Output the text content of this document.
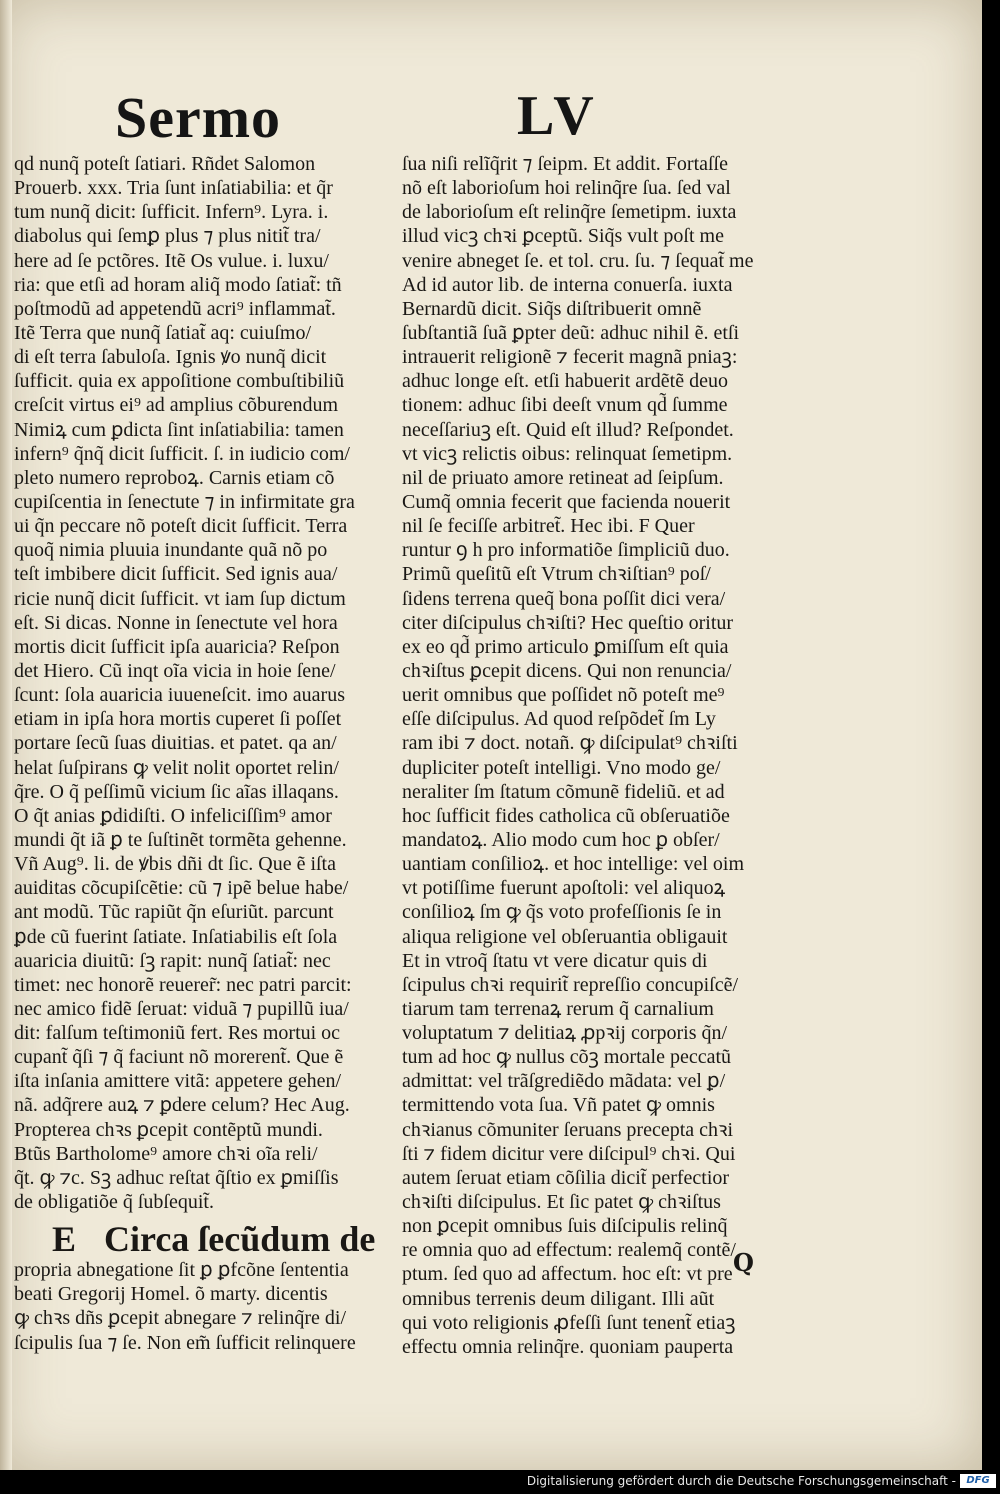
Sermo	LV
qd nunq̃ poteſt ſatiari. Rñdet Salomon
Prouerb. xxx. Tria ſunt inſatiabilia: et q̃r
tum nunq̃ dicit: ſufficit. Infern⁹. Lyra. i.
diabolus qui ſemꝑ plus ⁊ plus nitit̃ tra/
here ad ſe pctõres. Itẽ Os vulue. i. luxu/
ria: que etſi ad horam aliq̃ modo ſatiat̃: tñ
poſtmodũ ad appetendũ acri⁹ inflammat̃.
Itẽ Terra que nunq̃ ſatiat̃ aq: cuiuſmo/
di eſt terra ſabuloſa. Ignis ꝟo nunq̃ dicit
ſufficit. quia ex appoſitione combuſtibiliũ
creſcit virtus ei⁹ ad amplius cõburendum
Nimiꝝ cum ꝑdicta ſint inſatiabilia: tamen
infern⁹ q̃nq̃ dicit ſufficit. ſ. in iudicio com/
pleto numero reproboꝝ. Carnis etiam cõ
cupiſcentia in ſenectute ⁊ in infirmitate gra
ui q̃n peccare nõ poteſt dicit ſufficit. Terra
quoq̃ nimia pluuia inundante quã nõ po
teſt imbibere dicit ſufficit. Sed ignis aua/
ricie nunq̃ dicit ſufficit. vt iam ſup dictum
eſt. Si dicas. Nonne in ſenectute vel hora
mortis dicit ſufficit ipſa auaricia? Reſpon
det Hiero. Cũ inqt oĩa vicia in hoie ſene/
ſcunt: ſola auaricia iuueneſcit. imo auarus
etiam in ipſa hora mortis cuperet ſi poſſet
portare ſecũ ſuas diuitias. et patet. qa an/
helat ſuſpirans ꝙ velit nolit oportet relin/
q̃re. O q̃ peſſimũ vicium ſic aĩas illaqans.
O q̃t anias ꝑdidiſti. O infeliciſſim⁹ amor
mundi q̃t iã ꝑ te ſuſtinẽt tormẽta gehenne.
Vñ Aug⁹. li. de ꝟbis dñi dt ſic. Que ẽ iſta
auiditas cõcupiſcẽtie: cũ ⁊ ipẽ belue habe/
ant modũ. Tũc rapiũt q̃n eſuriũt. parcunt
ꝑde cũ fuerint ſatiate. Inſatiabilis eſt ſola
auaricia diuitũ: ſꝫ rapit: nunq̃ ſatiat̃: nec
timet: nec honorẽ reuerer̃: nec patri parcit:
nec amico fidẽ ſeruat: viduã ⁊ pupillũ iua/
dit: falſum teſtimoniũ fert. Res mortui oc
cupant̃ q̃ſi ⁊ q̃ faciunt nõ morerent̃. Que ẽ
iſta inſania amittere vitã: appetere gehen/
nã. adq̃rere auꝝ ⁊ ꝑdere celum? Hec Aug.
Propterea chꝛs ꝑcepit contẽptũ mundi.
Btũs Bartholome⁹ amore chꝛi oĩa reli/
q̃t. ꝙ ⁊c. Sꝫ adhuc reſtat q̃ſtio ex ꝑmiſſis
de obligatiõe q̃ ſubſequit̃.
E Circa ſecũdum de
propria abnegatione ſit ꝑ ꝑfcõne ſententia
beati Gregorij Homel. õ marty. dicentis
ꝙ chꝛs dñs ꝑcepit abnegare ⁊ relinq̃re di/
ſcipulis ſua ⁊ ſe. Non em̃ ſufficit relinquere
ſua niſi relĩq̃rit ⁊ ſeipm. Et addit. Fortaſſe
nõ eſt laborioſum hoi relinq̃re ſua. ſed val
de laborioſum eſt relinq̃re ſemetipm. iuxta
illud vicꝫ chꝛi ꝑceptũ. Siq̃s vult poſt me
venire abneget ſe. et tol. cru. ſu. ⁊ ſequat̃ me
Ad id autor lib. de interna conuerſa. iuxta
Bernardũ dicit. Siq̃s diſtribuerit omnẽ
ſubſtantiã ſuã ꝑpter deũ: adhuc nihil ẽ. etſi
intrauerit religionẽ ⁊ fecerit magnã pniaꝫ:
adhuc longe eſt. etſi habuerit ardẽtẽ deuo
tionem: adhuc ſibi deeſt vnum qd̃ ſumme
neceſſariuꝫ eſt. Quid eſt illud? Reſpondet.
vt vicꝫ relictis oibus: relinquat ſemetipm.
nil de priuato amore retineat ad ſeipſum.
Cumq̃ omnia fecerit que facienda nouerit
nil ſe feciſſe arbitret̃. Hec ibi. F Quer
runtur ꝯ h pro informatiõe ſimpliciũ duo.
Primũ queſitũ eſt Vtrum chꝛiſtian⁹ poſ/
ſidens terrena queq̃ bona poſſit dici vera/
citer diſcipulus chꝛiſti? Hec queſtio oritur
ex eo qd̃ primo articulo ꝑmiſſum eſt quia
chꝛiſtus ꝑcepit dicens. Qui non renuncia/
uerit omnibus que poſſidet nõ poteſt me⁹
eſſe diſcipulus. Ad quod reſpõdet̃ ſm Ly
ram ibi ⁊ doct. notañ. ꝙ diſcipulat⁹ chꝛiſti
dupliciter poteſt intelligi. Vno modo ge/
neraliter ſm ſtatum cõmunẽ fideliũ. et ad
hoc ſufficit fides catholica cũ obſeruatiõe
mandatoꝝ. Alio modo cum hoc ꝑ obſer/
uantiam conſilioꝝ. et hoc intellige: vel oim
vt potiſſime fuerunt apoſtoli: vel aliquoꝝ
conſilioꝝ ſm ꝙ q̃s voto profeſſionis ſe in
aliqua religione vel obſeruantia obligauit
Et in vtroq̃ ſtatu vt vere dicatur quis di
ſcipulus chꝛi requirit̃ repreſſio concupiſcẽ/
tiarum tam terrenaꝝ rerum q̃ carnalium
voluptatum ⁊ delitiaꝝ ꝓpꝛij corporis q̃n/
tum ad hoc ꝙ nullus cõꝫ mortale peccatũ
admittat: vel trãſgrediẽdo mãdata: vel ꝑ/
termittendo vota ſua. Vñ patet ꝙ omnis
chꝛianus cõmuniter ſeruans precepta chꝛi
ſti ⁊ fidem dicitur vere diſcipul⁹ chꝛi. Qui
autem ſeruat etiam cõſilia dicit̃ perfectior
chꝛiſti diſcipulus. Et ſic patet ꝙ chꝛiſtus
non ꝑcepit omnibus ſuis diſcipulis relinq̃
re omnia quo ad effectum: realemq̃ contẽ/
ptum. ſed quo ad affectum. hoc eſt: vt pre
omnibus terrenis deum diligant. Illi aũt
qui voto religionis ꝓfeſſi ſunt tenent̃ etiaꝫ
effectu omnia relinq̃re. quoniam pauperta
Q
Digitalisierung gefördert durch die Deutsche Forschungsgemeinschaft -	DFG
